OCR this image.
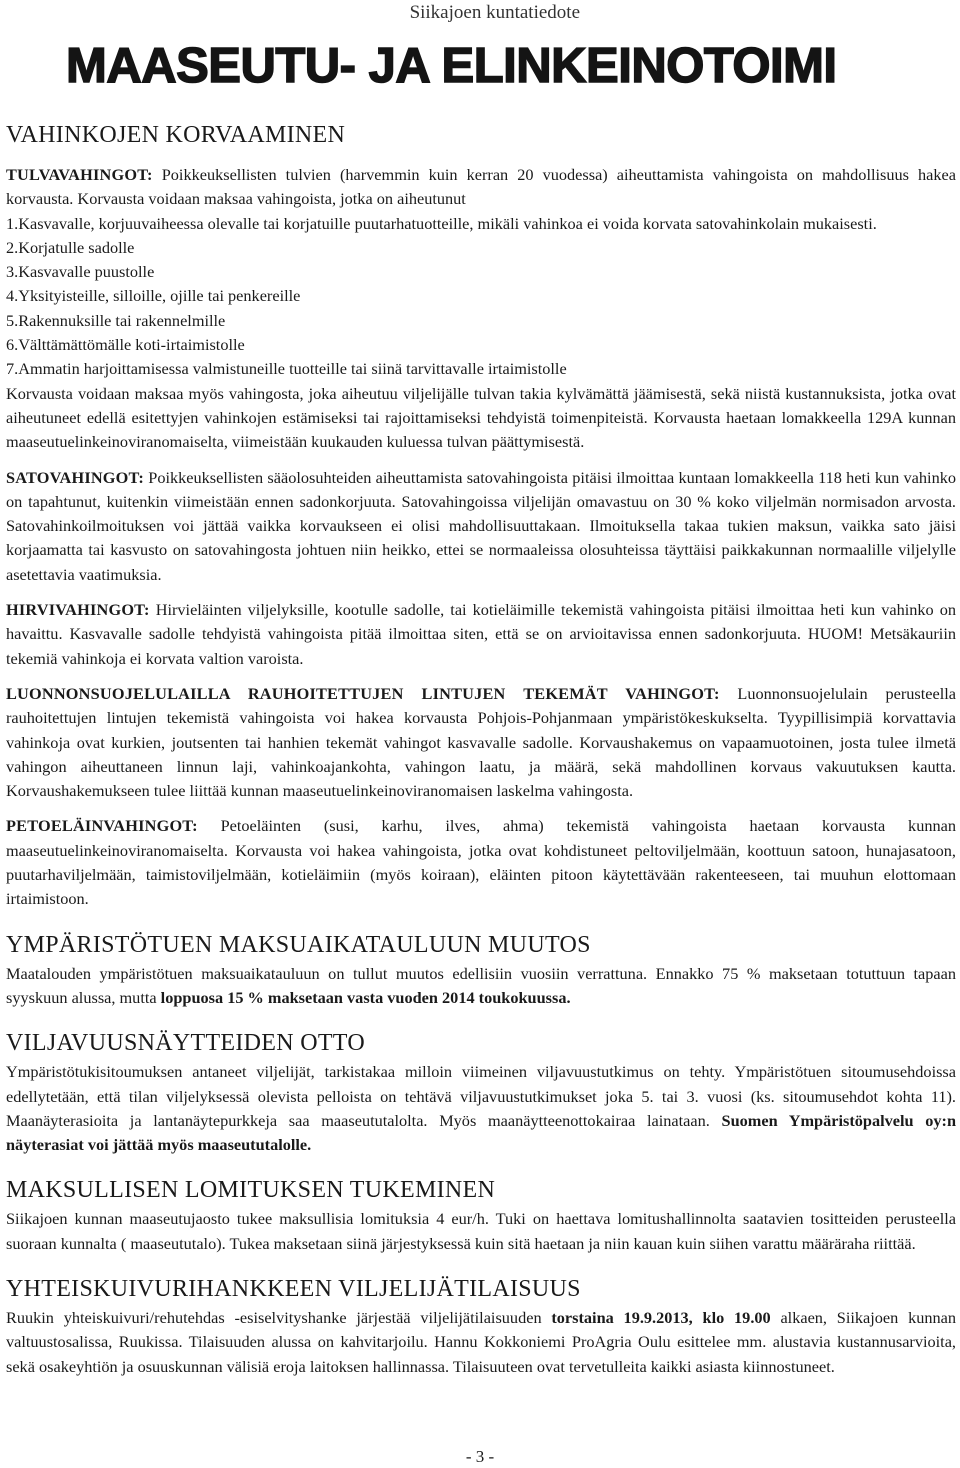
Siikajoen kuntatiedote
MAASEUTU- JA ELINKEINOTOIMI
VAHINKOJEN KORVAAMINEN

TULVAVAHINGOT: Poikkeuksellisten tulvien (harvemmin kuin kerran 20 vuodessa) aiheuttamista vahingoista on mahdollisuus hakea korvausta. Korvausta voidaan maksaa vahingoista, jotka on aiheutunut

1. Kasvavalle, korjuuvaiheessa olevalle tai korjatuille puutarhatuotteille, mikäli vahinkoa ei voida korvata satovahinkolain mukaisesti.
2. Korjatulle sadolle
3. Kasvavalle puustolle
4. Yksityisteille, silloille, ojille tai penkereille
5. Rakennuksille tai rakennelmille
6. Välttämättömälle koti-irtaimistolle
7. Ammatin harjoittamisessa valmistuneille tuotteille tai siinä tarvittavalle irtaimistolle

Korvausta voidaan maksaa myös vahingosta, joka aiheutuu viljelijälle tulvan takia kylvämättä jäämisestä, sekä niistä kustannuksista, jotka ovat aiheutuneet edellä esitettyjen vahinkojen estämiseksi tai rajoittamiseksi tehdyistä toimenpiteistä. Korvausta haetaan lomakkeella 129A kunnan maaseutuelinkeinoviranomaiselta, viimeistään kuukauden kuluessa tulvan päättymisestä.

SATOVAHINGOT: Poikkeuksellisten sääolosuhteiden aiheuttamista satovahingoista pitäisi ilmoittaa kuntaan lomakkeella 118 heti kun vahinko on tapahtunut, kuitenkin viimeistään ennen sadonkorjuuta. Satovahingoissa viljelijän omavastuu on 30 % koko viljelmän normisadon arvosta. Satovahinkoilmoituksen voi jättää vaikka korvaukseen ei olisi mahdollisuuttakaan. Ilmoituksella takaa tukien maksun, vaikka sato jäisi korjaamatta tai kasvusto on satovahingosta johtuen niin heikko, ettei se normaaleissa olosuhteissa täyttäisi paikkakunnan normaalille viljelylle asetettavia vaatimuksia.

HIRVIVAHINGOT: Hirvieläinten viljelyksille, kootulle sadolle, tai kotieläimille tekemistä vahingoista pitäisi ilmoittaa heti kun vahinko on havaittu. Kasvavalle sadolle tehdyistä vahingoista pitää ilmoittaa siten, että se on arvioitavissa ennen sadonkorjuuta. HUOM! Metsäkauriin tekemiä vahinkoja ei korvata valtion varoista.

LUONNONSUOJELULAILLA RAUHOITETTUJEN LINTUJEN TEKEMÄT VAHINGOT: Luonnonsuojelulain perusteella rauhoitettujen lintujen tekemistä vahingoista voi hakea korvausta Pohjois-Pohjanmaan ympäristökeskukselta. Tyypillisimpiä korvattavia vahinkoja ovat kurkien, joutsenten tai hanhien tekemät vahingot kasvavalle sadolle. Korvaushakemus on vapaamuotoinen, josta tulee ilmetä vahingon aiheuttaneen linnun laji, vahinkoajankohta, vahingon laatu, ja määrä, sekä mahdollinen korvaus vakuutuksen kautta. Korvaushakemukseen tulee liittää kunnan maaseutuelinkeinoviranomaisen laskelma vahingosta.

PETOELÄINVAHINGOT: Petoeläinten (susi, karhu, ilves, ahma) tekemistä vahingoista haetaan korvausta kunnan maaseutuelinkeinoviranomaiselta. Korvausta voi hakea vahingoista, jotka ovat kohdistuneet peltoviljelmään, koottuun satoon, hunajasatoon, puutarhaviljelmään, taimistoviljelmään, kotieläimiin (myös koiraan), eläinten pitoon käytettävään rakenteeseen, tai muuhun elottomaan irtaimistoon.

YMPÄRISTÖTUEN MAKSUAIKATAULUUN MUUTOS

Maatalouden ympäristötuen maksuaikatauluun on tullut muutos edellisiin vuosiin verrattuna. Ennakko 75 % maksetaan totuttuun tapaan syyskuun alussa, mutta loppuosa 15 % maksetaan vasta vuoden 2014 toukokuussa.

VILJAVUUSNÄYTTEIDEN OTTO

Ympäristötukisitoumuksen antaneet viljelijät, tarkistakaa milloin viimeinen viljavuustutkimus on tehty. Ympäristötuen sitoumusehdoissa edellytetään, että tilan viljelyksessä olevista pelloista on tehtävä viljavuustutkimukset joka 5. tai 3. vuosi (ks. sitoumusehdot kohta 11). Maanäyterasioita ja lantanäytepurkkeja saa maaseututalolta. Myös maanäytteenottokairaa lainataan. Suomen Ympäristöpalvelu oy:n näyterasiat voi jättää myös maaseututalolle.

MAKSULLISEN LOMITUKSEN TUKEMINEN

Siikajoen kunnan maaseutujaosto tukee maksullisia lomituksia 4 eur/h. Tuki on haettava lomitushallinnolta saatavien tositteiden perusteella suoraan kunnalta ( maaseututalo). Tukea maksetaan siinä järjestyksessä kuin sitä haetaan ja niin kauan kuin siihen varattu määräraha riittää.

YHTEISKUIVURIHANKKEEN VILJELIJÄTILAISUUS

Ruukin yhteiskuivuri/rehutehdas -esiselvityshanke järjestää viljelijätilaisuuden torstaina 19.9.2013, klo 19.00 alkaen, Siikajoen kunnan valtuustosalissa, Ruukissa. Tilaisuuden alussa on kahvitarjoilu. Hannu Kokkoniemi ProAgria Oulu esittelee mm. alustavia kustannusarvioita, sekä osakeyhtiön ja osuuskunnan välisiä eroja laitoksen hallinnassa. Tilaisuuteen ovat tervetulleita kaikki asiasta kiinnostuneet.

- 3 -
